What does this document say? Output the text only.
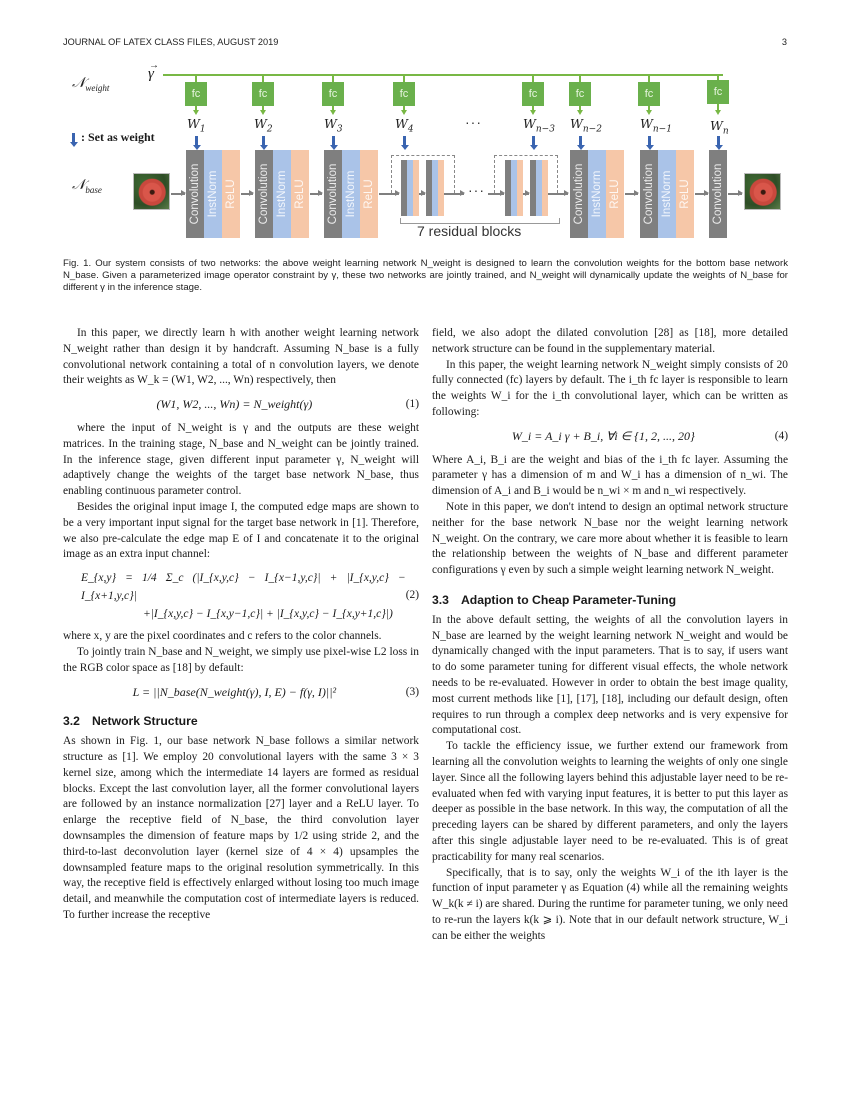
JOURNAL OF LATEX CLASS FILES, AUGUST 2019	3
𝒩$_{weight}$
𝒩$_{base}$
→
γ
: Set as weight
fc
$W_1$
fc
$W_2$
fc
$W_3$
fc
$W_4$	···
fc
$W_{n-3}$
fc
$W_{n-2}$
fc
$W_{n-1}$
fc
$W_n$
Convolution InstNorm ReLU Convolution InstNorm ReLU Convolution InstNorm ReLU	···
7 residual blocks
Convolution InstNorm ReLU Convolution InstNorm ReLU Convolution
Fig. 1. Our system consists of two networks: the above weight learning network N_weight is designed to learn the convolution weights for the bottom base network N_base. Given a parameterized image operator constraint by γ, these two networks are jointly trained, and N_weight will dynamically update the weights of N_base for different γ in the inference stage.

In this paper, we directly learn h with another weight learning network N_weight rather than design it by handcraft. Assuming N_base is a fully convolutional network containing a total of n convolution layers, we denote their weights as W_k = (W1, W2, ..., Wn) respectively, then

(W1, W2, ..., Wn) = N_weight(γ)	(1)

where the input of N_weight is γ and the outputs are these weight matrices. In the training stage, N_base and N_weight can be jointly trained. In the inference stage, given different input parameter γ, N_weight will adaptively change the weights of the target base network N_base, thus enabling continuous parameter control.

Besides the original input image I, the computed edge maps are shown to be a very important input signal for the target base network in [1]. Therefore, we also pre-calculate the edge map E of I and concatenate it to the original image as an extra input channel:

E_{x,y} = 1/4 Σ_c (|I_{x,y,c} − I_{x−1,y,c}| + |I_{x,y,c} − I_{x+1,y,c}|
+|I_{x,y,c} − I_{x,y−1,c}| + |I_{x,y,c} − I_{x,y+1,c}|)
(2)

where x, y are the pixel coordinates and c refers to the color channels.

To jointly train N_base and N_weight, we simply use pixel-wise L2 loss in the RGB color space as [18] by default:

L = ||N_base(N_weight(γ), I, E) − f(γ, I)||²	(3)
3.2 Network Structure

As shown in Fig. 1, our base network N_base follows a similar network structure as [1]. We employ 20 convolutional layers with the same 3 × 3 kernel size, among which the intermediate 14 layers are formed as residual blocks. Except the last convolution layer, all the former convolutional layers are followed by an instance normalization [27] layer and a ReLU layer. To enlarge the receptive field of N_base, the third convolution layer downsamples the dimension of feature maps by 1/2 using stride 2, and the third-to-last deconvolution layer (kernel size of 4 × 4) upsamples the downsampled feature maps to the original resolution symmetrically. In this way, the receptive field is effectively enlarged without losing too much image detail, and meanwhile the computation cost of intermediate layers is reduced. To further increase the receptive

field, we also adopt the dilated convolution [28] as [18], more detailed network structure can be found in the supplementary material.

In this paper, the weight learning network N_weight simply consists of 20 fully connected (fc) layers by default. The i_th fc layer is responsible to learn the weights W_i for the i_th convolutional layer, which can be written as following:

W_i = A_i γ + B_i, ∀i ∈ {1, 2, ..., 20}	(4)

Where A_i, B_i are the weight and bias of the i_th fc layer. Assuming the parameter γ has a dimension of m and W_i has a dimension of n_wi. The dimension of A_i and B_i would be n_wi × m and n_wi respectively.

Note in this paper, we don't intend to design an optimal network structure neither for the base network N_base nor the weight learning network N_weight. On the contrary, we care more about whether it is feasible to learn the relationship between the weights of N_base and different parameter configurations γ even by such a simple weight learning network N_weight.

3.3 Adaption to Cheap Parameter-Tuning

In the above default setting, the weights of all the convolution layers in N_base are learned by the weight learning network N_weight and would be dynamically changed with the input parameters. That is to say, if users want to do some parameter tuning for different visual effects, the whole network needs to be re-evaluated. However in order to obtain the best image quality, most current methods like [1], [17], [18], including our default design, often requires to run through a complex deep networks and is very expensive for computational cost.

To tackle the efficiency issue, we further extend our framework from learning all the convolution weights to learning the weights of only one single layer. Since all the following layers behind this adjustable layer need to be re-evaluated when fed with varying input features, it is better to put this layer as deeper as possible in the base network. In this way, the computation of all the preceding layers can be shared by different parameters, and only the layers after this single adjustable layer need to be re-evaluated. This is of great practicability for many real scenarios.

Specifically, that is to say, only the weights W_i of the ith layer is the function of input parameter γ as Equation (4) while all the remaining weights W_k(k ≠ i) are shared. During the runtime for parameter tuning, we only need to re-run the layers k(k ⩾ i). Note that in our default network structure, W_i can be either the weights
